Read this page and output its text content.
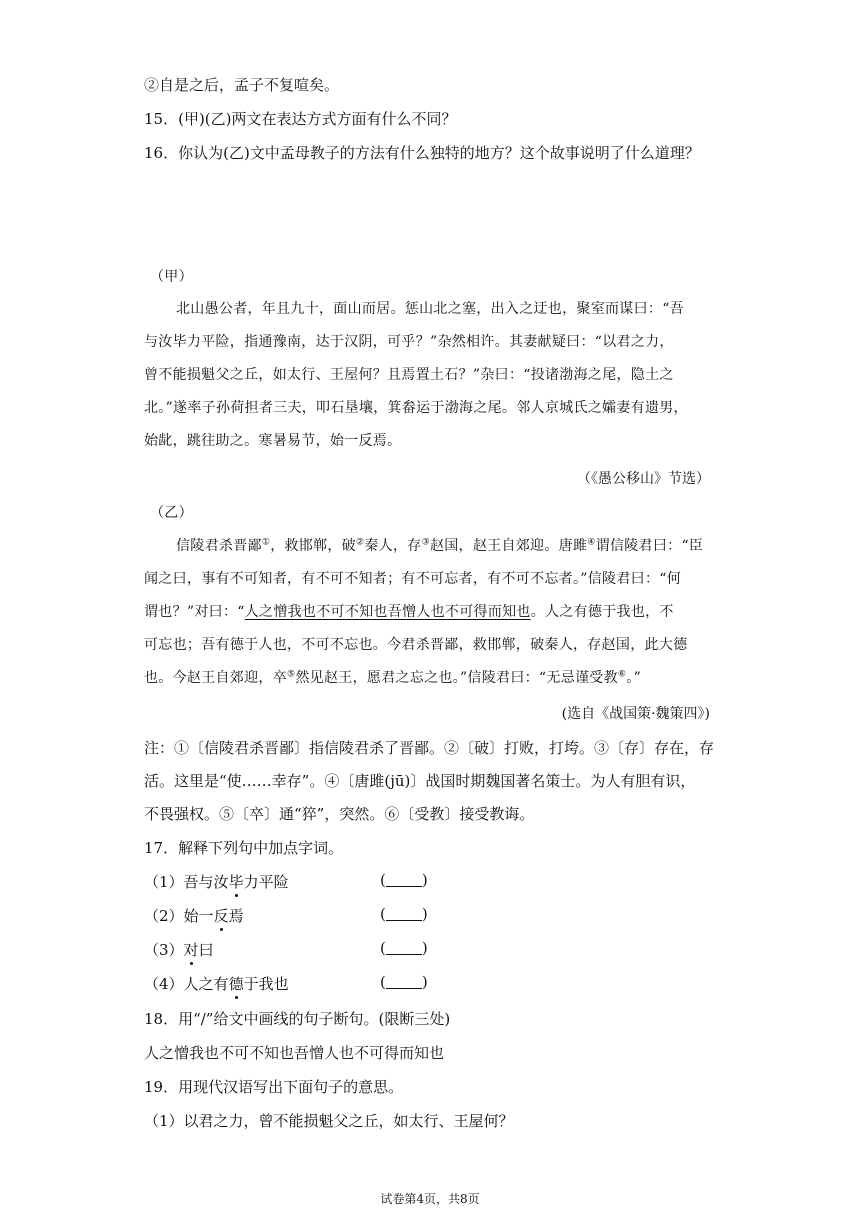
②自是之后，孟子不复喧矣。
15．(甲)(乙)两文在表达方式方面有什么不同？
16．你认为(乙)文中孟母教子的方法有什么独特的地方？这个故事说明了什么道理？
（甲）
北山愚公者，年且九十，面山而居。惩山北之塞，出入之迂也，聚室而谋曰：“吾
与汝毕力平险，指通豫南，达于汉阴，可乎？”杂然相许。其妻献疑曰：“以君之力，
曾不能损魁父之丘，如太行、王屋何？且焉置土石？”杂曰：“投诸渤海之尾，隐土之
北。”遂率子孙荷担者三夫，叩石垦壤，箕畚运于渤海之尾。邻人京城氏之孀妻有遗男，
始龀，跳往助之。寒暑易节，始一反焉。
（《愚公移山》节选）
（乙）
信陵君杀晋鄙①，救邯郸，破②秦人，存③赵国，赵王自郊迎。唐雎④谓信陵君曰：“臣
闻之曰，事有不可知者，有不可不知者；有不可忘者，有不可不忘者。”信陵君曰：“何
谓也？”对曰：“人之憎我也不可不知也吾憎人也不可得而知也。人之有德于我也，不
可忘也；吾有德于人也，不可不忘也。今君杀晋鄙，救邯郸，破秦人，存赵国，此大德
也。今赵王自郊迎，卒⑤然见赵王，愿君之忘之也。”信陵君曰：“无忌谨受教⑥。”
(选自《战国策·魏策四》)
注：①〔信陵君杀晋鄙〕指信陵君杀了晋鄙。②〔破〕打败，打垮。③〔存〕存在，存
活。这里是“使……幸存”。④〔唐雎(jū)〕战国时期魏国著名策士。为人有胆有识，
不畏强权。⑤〔卒〕通“猝”，突然。⑥〔受教〕接受教诲。
17．解释下列句中加点字词。
（1）吾与汝毕力平险	( )
（2）始一反焉	( )
（3）对曰	( )
（4）人之有德于我也	( )
18．用“/”给文中画线的句子断句。(限断三处)
人之憎我也不可不知也吾憎人也不可得而知也
19．用现代汉语写出下面句子的意思。
（1）以君之力，曾不能损魁父之丘，如太行、王屋何？
试卷第4页，共8页
